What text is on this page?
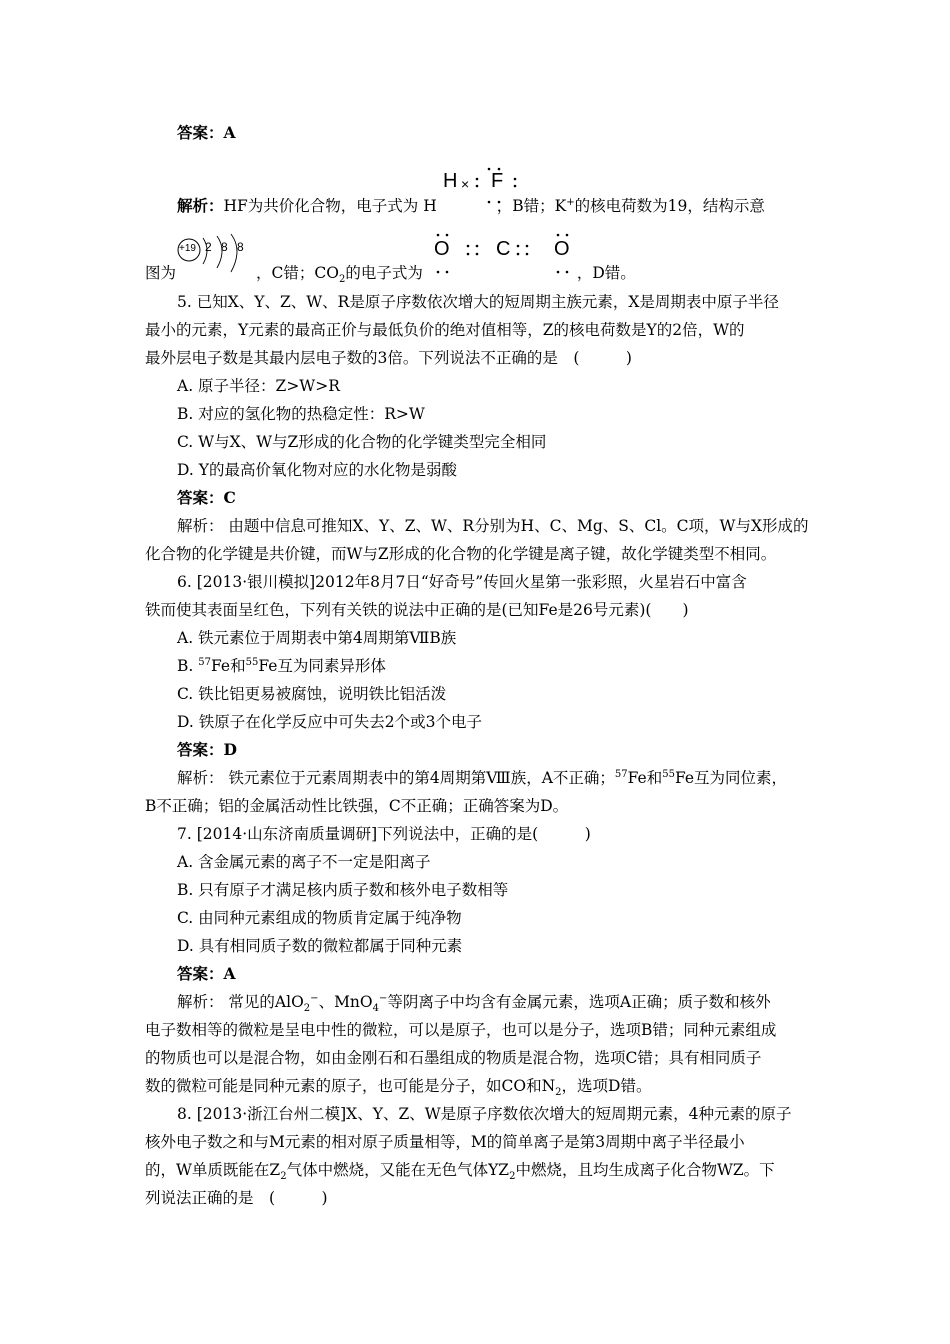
答案：A
H × F
解析：HF为共价化合物，电子式为 H	，B错；K+的核电荷数为19，结构示意
+19 2 8 8	O C O
图为	，C错；$CO_2$的电子式为	，D错。
5. 已知X、Y、Z、W、R是原子序数依次增大的短周期主族元素，X是周期表中原子半径
最小的元素，Y元素的最高正价与最低负价的绝对值相等，Z的核电荷数是Y的2倍，W的
最外层电子数是其最内层电子数的3倍。下列说法不正确的是　(　　　)
A. 原子半径：Z>W>R
B. 对应的氢化物的热稳定性：R>W
C. W与X、W与Z形成的化合物的化学键类型完全相同
D. Y的最高价氧化物对应的水化物是弱酸
答案：C
解析： 由题中信息可推知X、Y、Z、W、R分别为H、C、Mg、S、Cl。C项，W与X形成的
化合物的化学键是共价键，而W与Z形成的化合物的化学键是离子键，故化学键类型不相同。
6. [2013·银川模拟]2012年8月7日“好奇号”传回火星第一张彩照，火星岩石中富含
铁而使其表面呈红色，下列有关铁的说法中正确的是(已知Fe是26号元素)(　　)
A. 铁元素位于周期表中第4周期第ⅦB族
B. $^{57}$Fe和$^{55}$Fe互为同素异形体
C. 铁比铝更易被腐蚀，说明铁比铝活泼
D. 铁原子在化学反应中可失去2个或3个电子
答案：D
解析： 铁元素位于元素周期表中的第4周期第Ⅷ族，A不正确；$^{57}$Fe和$^{55}$Fe互为同位素，
B不正确；铝的金属活动性比铁强，C不正确；正确答案为D。
7. [2014·山东济南质量调研]下列说法中，正确的是(　　　)
A. 含金属元素的离子不一定是阳离子
B. 只有原子才满足核内质子数和核外电子数相等
C. 由同种元素组成的物质肯定属于纯净物
D. 具有相同质子数的微粒都属于同种元素
答案：A
解析： 常见的AlO$_2$−、MnO$_4$−等阴离子中均含有金属元素，选项A正确；质子数和核外
电子数相等的微粒是呈电中性的微粒，可以是原子，也可以是分子，选项B错；同种元素组成
的物质也可以是混合物，如由金刚石和石墨组成的物质是混合物，选项C错；具有相同质子
数的微粒可能是同种元素的原子，也可能是分子，如CO和$N_2$，选项D错。
8. [2013·浙江台州二模]X、Y、Z、W是原子序数依次增大的短周期元素，4种元素的原子
核外电子数之和与M元素的相对原子质量相等，M的简单离子是第3周期中离子半径最小
的，W单质既能在$Z_2$气体中燃烧，又能在无色气体$YZ_2$中燃烧，且均生成离子化合物WZ。下
列说法正确的是　(　　　)
